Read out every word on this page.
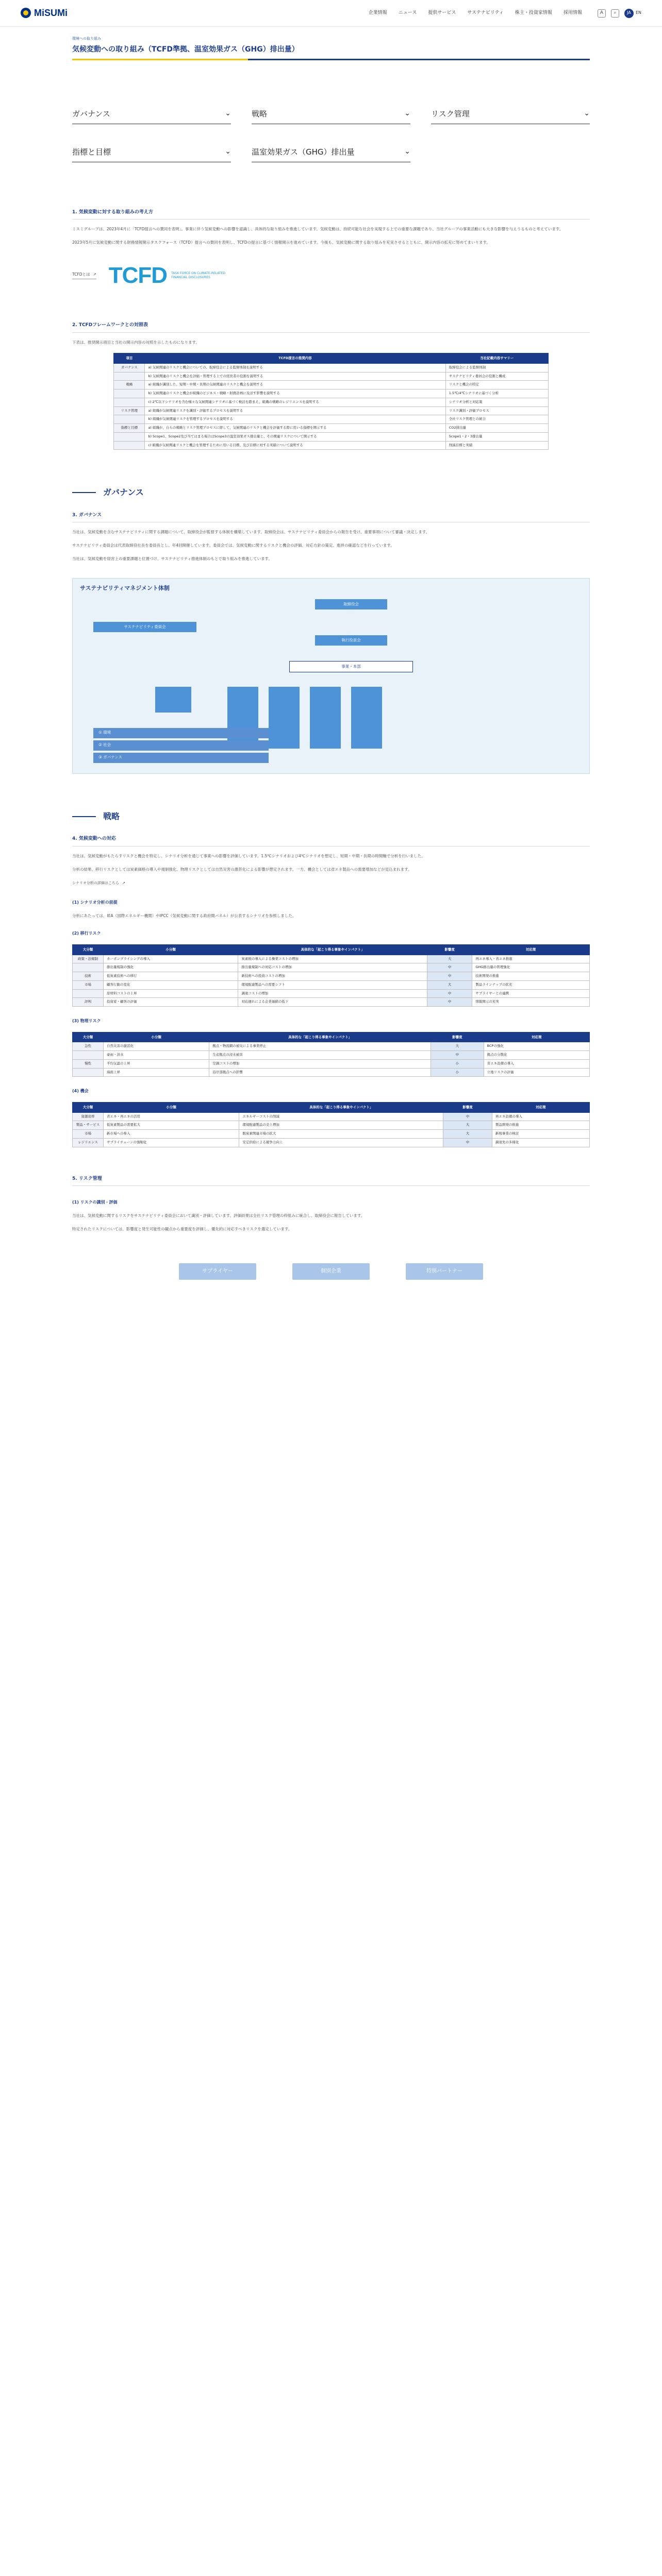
MiSUMi	企業情報 ニュース 提供サービス サステナビリティ 株主・投資家情報 採用情報	A	⌕	JA	EN
環境への取り組み
気候変動への取り組み（TCFD準拠、温室効果ガス（GHG）排出量）
ガバナンス	⌄	戦略	⌄	リスク管理	⌄
指標と目標	⌄	温室効果ガス（GHG）排出量	⌄
1. 気候変動に対する取り組みの考え方

ミスミグループは、2023年4月に「TCFD提言への賛同を表明」。事業に伴う気候変動への影響を認識し、具体的な取り組みを推進しています。気候変動は、持続可能な社会を実現する上での重要な課題であり、当社グループの事業活動にも大きな影響を与えうるものと考えています。

2023年5月に気候変動に関する財務情報開示タスクフォース（TCFD）提言への賛同を表明し、TCFDの提言に基づく情報開示を進めています。今後も、気候変動に関する取り組みを充実させるとともに、開示内容の拡充に努めてまいります。

TCFDとは ↗ TCFD TASK FORCE ON CLIMATE-RELATED FINANCIAL DISCLOSURES
2. TCFDフレームワークとの対照表

下表は、推奨開示項目と当社の開示内容の対照を示したものになります。

項目	TCFD提言の推奨内容	当社記載内容サマリー
ガバナンス	a) 気候関連のリスクと機会についての、取締役会による監督体制を説明する	取締役会による監督体制
	b) 気候関連のリスクと機会を評価・管理する上での経営者の役割を説明する	サステナビリティ委員会の役割と構成
戦略	a) 組織が識別した、短期・中期・長期の気候関連のリスクと機会を説明する	リスクと機会の特定
	b) 気候関連のリスクと機会が組織のビジネス・戦略・財務計画に及ぼす影響を説明する	1.5℃/4℃シナリオに基づく分析
	c) 2℃以下シナリオを含む様々な気候関連シナリオに基づく検討を踏まえ、組織の戦略のレジリエンスを説明する	シナリオ分析と対応策
リスク管理	a) 組織が気候関連リスクを識別・評価するプロセスを説明する	リスク識別・評価プロセス
	b) 組織が気候関連リスクを管理するプロセスを説明する	全社リスク管理との統合
指標と目標	a) 組織が、自らの戦略とリスク管理プロセスに即して、気候関連のリスクと機会を評価する際に用いる指標を開示する	CO2排出量
	b) Scope1、Scope2及び当てはまる場合はScope3の温室効果ガス排出量と、その関連リスクについて開示する	Scope1・2・3排出量
	c) 組織が気候関連リスクと機会を管理するために用いる目標、及び目標に対する実績について説明する	削減目標と実績
ガバナンス
3. ガバナンス

当社は、気候変動を含むサステナビリティに関する課題について、取締役会が監督する体制を構築しています。取締役会は、サステナビリティ委員会からの報告を受け、重要事項について審議・決定します。

サステナビリティ委員会は代表取締役社長を委員長とし、年4回開催しています。委員会では、気候変動に関するリスクと機会の評価、対応方針の策定、進捗の確認などを行っています。

当社は、気候変動を経営上の重要課題と位置づけ、サステナビリティ推進体制のもとで取り組みを推進しています。

サステナビリティマネジメント体制
取締役会
サステナビリティ委員会
執行役員会
事業・本部
① 環境
② 社会
③ ガバナンス
戦略
4. 気候変動への対応

当社は、気候変動がもたらすリスクと機会を特定し、シナリオ分析を通じて事業への影響を評価しています。1.5℃シナリオおよび4℃シナリオを想定し、短期・中期・長期の時間軸で分析を行いました。

分析の結果、移行リスクとしては炭素価格の導入や規制強化、物理リスクとしては自然災害の激甚化による影響が想定されます。一方、機会としては省エネ製品への需要増加などが見込まれます。

シナリオ分析の詳細はこちら ↗
(1) シナリオ分析の前提

分析にあたっては、IEA（国際エネルギー機関）やIPCC（気候変動に関する政府間パネル）が公表するシナリオを参照しました。

(2) 移行リスク
大分類	小分類	具体的な「起こり得る事象やインパクト」	影響度	対応策
政策・法規制	カーボンプライシングの導入	炭素税の導入による操業コストの増加	大	再エネ導入・省エネ推進
	排出量規制の強化	排出量規制への対応コストの増加	中	GHG排出量の管理強化
技術	低炭素技術への移行	新技術への投資コストの増加	中	技術開発の推進
市場	顧客行動の変化	環境配慮製品への需要シフト	大	製品ラインナップの拡充
	原材料コストの上昇	調達コストの増加	中	サプライヤーとの連携
評判	投資家・顧客の評価	対応遅れによる企業価値の低下	中	情報開示の充実
(3) 物理リスク
大分類	小分類	具体的な「起こり得る事象やインパクト」	影響度	対応策
急性	自然災害の激甚化	拠点・物流網の被災による事業停止	大	BCPの強化
	豪雨・洪水	生産拠点の浸水被害	中	拠点の分散化
慢性	平均気温の上昇	空調コストの増加	小	省エネ設備の導入
	海面上昇	沿岸部拠点への影響	小	立地リスクの評価
(4) 機会
大分類	小分類	具体的な「起こり得る事象やインパクト」	影響度	対応策
資源効率	省エネ・再エネの活用	エネルギーコストの削減	中	再エネ設備の導入
製品・サービス	低炭素製品の需要拡大	環境配慮製品の売上増加	大	製品開発の推進
市場	新市場への参入	脱炭素関連市場の拡大	大	新規事業の検討
レジリエンス	サプライチェーンの強靭化	安定供給による競争力向上	中	調達先の多様化
5. リスク管理
(1) リスクの識別・評価

当社は、気候変動に関するリスクをサステナビリティ委員会において識別・評価しています。評価結果は全社リスク管理の枠組みに統合し、取締役会に報告しています。

特定されたリスクについては、影響度と発生可能性の観点から重要度を評価し、優先的に対応すべきリスクを選定しています。

サプライヤー	個別企業	特別パートナー
